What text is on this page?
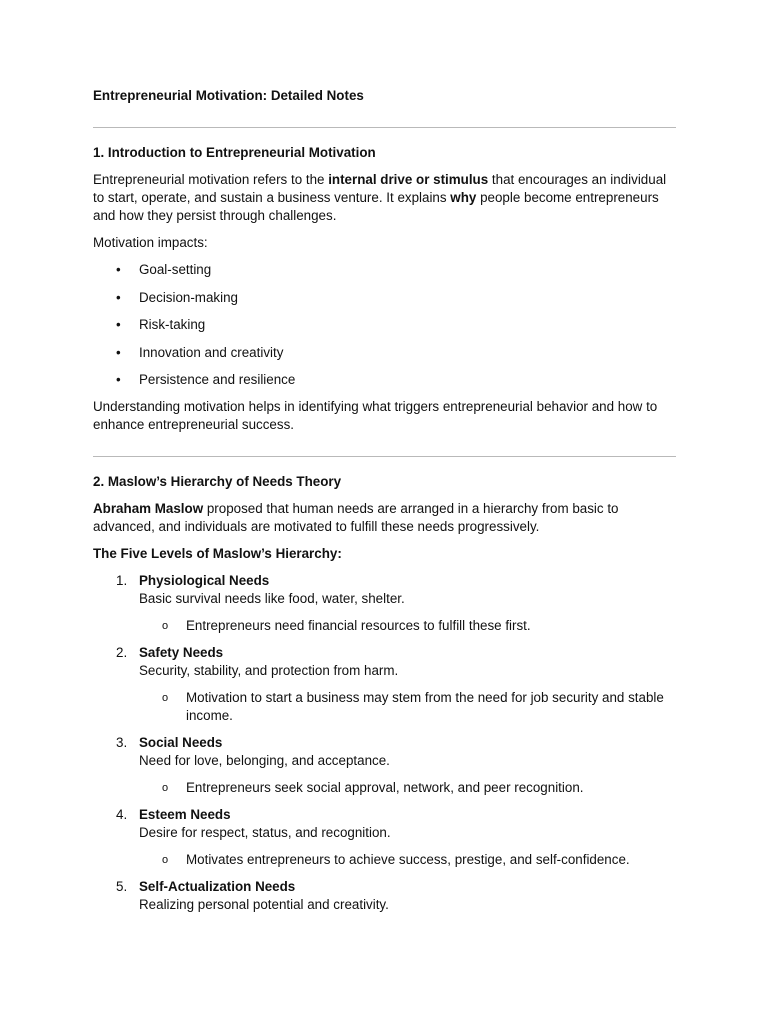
Entrepreneurial Motivation: Detailed Notes
1. Introduction to Entrepreneurial Motivation

Entrepreneurial motivation refers to the internal drive or stimulus that encourages an individual to start, operate, and sustain a business venture. It explains why people become entrepreneurs and how they persist through challenges.

Motivation impacts:

• Goal-setting
• Decision-making
• Risk-taking
• Innovation and creativity
• Persistence and resilience

Understanding motivation helps in identifying what triggers entrepreneurial behavior and how to enhance entrepreneurial success.

2. Maslow’s Hierarchy of Needs Theory

Abraham Maslow proposed that human needs are arranged in a hierarchy from basic to advanced, and individuals are motivated to fulfill these needs progressively.

The Five Levels of Maslow’s Hierarchy:

1. Physiological Needs
Basic survival needs like food, water, shelter.
o Entrepreneurs need financial resources to fulfill these first.
2. Safety Needs
Security, stability, and protection from harm.
o Motivation to start a business may stem from the need for job security and stable income.
3. Social Needs
Need for love, belonging, and acceptance.
o Entrepreneurs seek social approval, network, and peer recognition.
4. Esteem Needs
Desire for respect, status, and recognition.
o Motivates entrepreneurs to achieve success, prestige, and self-confidence.
5. Self-Actualization Needs
Realizing personal potential and creativity.
